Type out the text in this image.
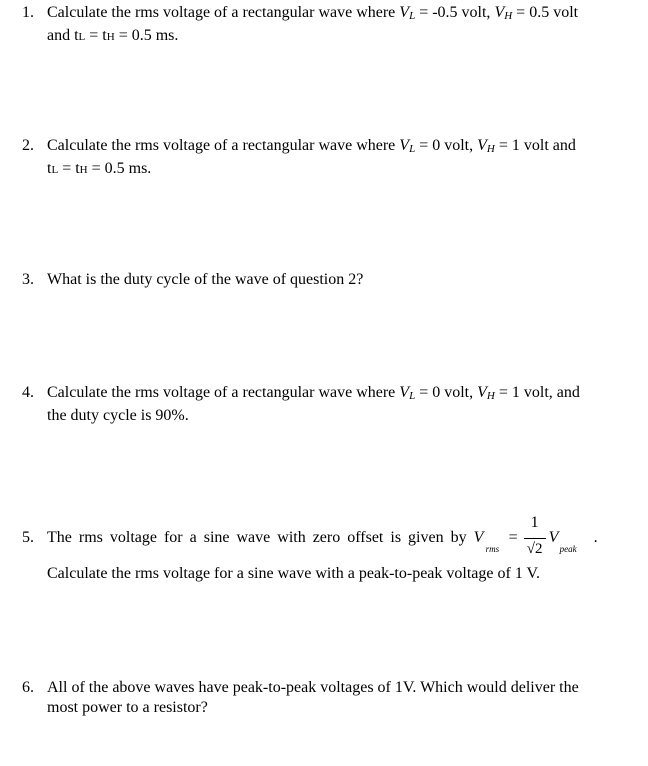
1. Calculate the rms voltage of a rectangular wave where VL = -0.5 volt, VH = 0.5 volt
and tL = tH = 0.5 ms.
2. Calculate the rms voltage of a rectangular wave where VL = 0 volt, VH = 1 volt and
tL = tH = 0.5 ms.
3. What is the duty cycle of the wave of question 2?
4. Calculate the rms voltage of a rectangular wave where VL = 0 volt, VH = 1 volt, and
the duty cycle is 90%.
5. The rms voltage for a sine wave with zero offset is given by V
rms
=
1
√2
V
peak
.
Calculate the rms voltage for a sine wave with a peak-to-peak voltage of 1 V.
6. All of the above waves have peak-to-peak voltages of 1V. Which would deliver the
most power to a resistor?
